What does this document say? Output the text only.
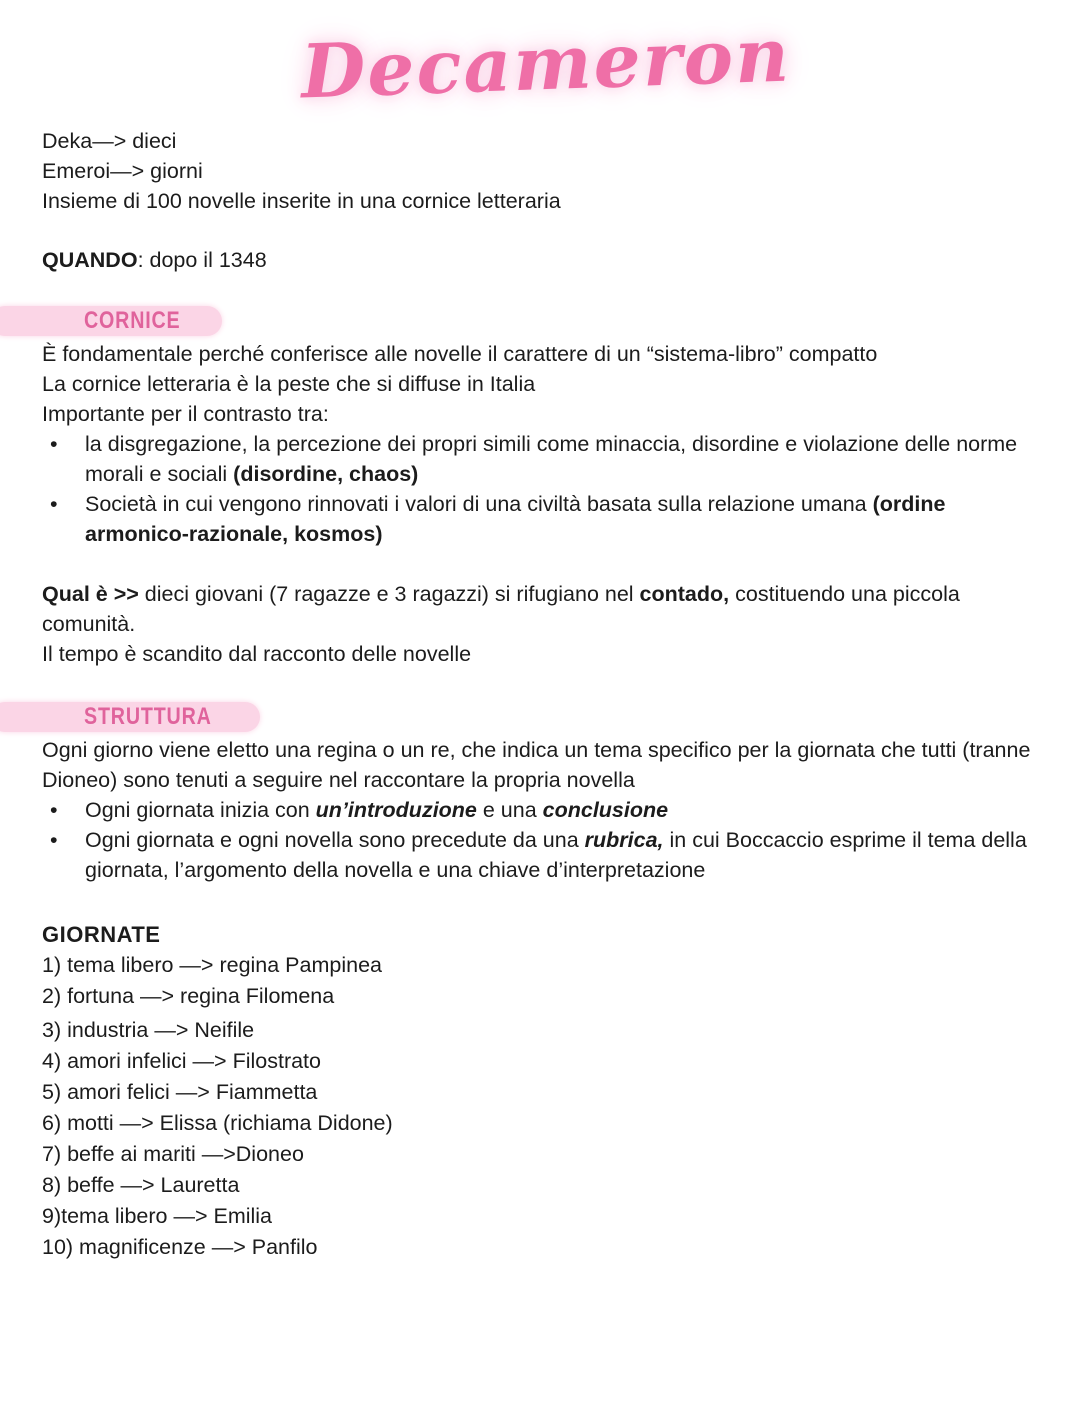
Decameron
Deka—> dieci
Emeroi—> giorni
Insieme di 100 novelle inserite in una cornice letteraria
QUANDO: dopo il 1348
CORNICE
È fondamentale perché conferisce alle novelle il carattere di un “sistema-libro” compatto
La cornice letteraria è la peste che si diffuse in Italia
Importante per il contrasto tra:
• la disgregazione, la percezione dei propri simili come minaccia, disordine e violazione delle norme morali e sociali (disordine, chaos)
• Società in cui vengono rinnovati i valori di una civiltà basata sulla relazione umana (ordine armonico-razionale, kosmos)
Qual è >> dieci giovani (7 ragazze e 3 ragazzi) si rifugiano nel contado, costituendo una piccola comunità.
Il tempo è scandito dal racconto delle novelle
STRUTTURA
Ogni giorno viene eletto una regina o un re, che indica un tema specifico per la giornata che tutti (tranne Dioneo) sono tenuti a seguire nel raccontare la propria novella
• Ogni giornata inizia con un’introduzione e una conclusione
• Ogni giornata e ogni novella sono precedute da una rubrica, in cui Boccaccio esprime il tema della giornata, l’argomento della novella e una chiave d’interpretazione
GIORNATE
1) tema libero —> regina Pampinea
2) fortuna —> regina Filomena
3) industria —> Neifile
4) amori infelici —> Filostrato
5) amori felici —> Fiammetta
6) motti —> Elissa (richiama Didone)
7) beffe ai mariti —>Dioneo
8) beffe —> Lauretta
9)tema libero —> Emilia
10) magnificenze —> Panfilo
